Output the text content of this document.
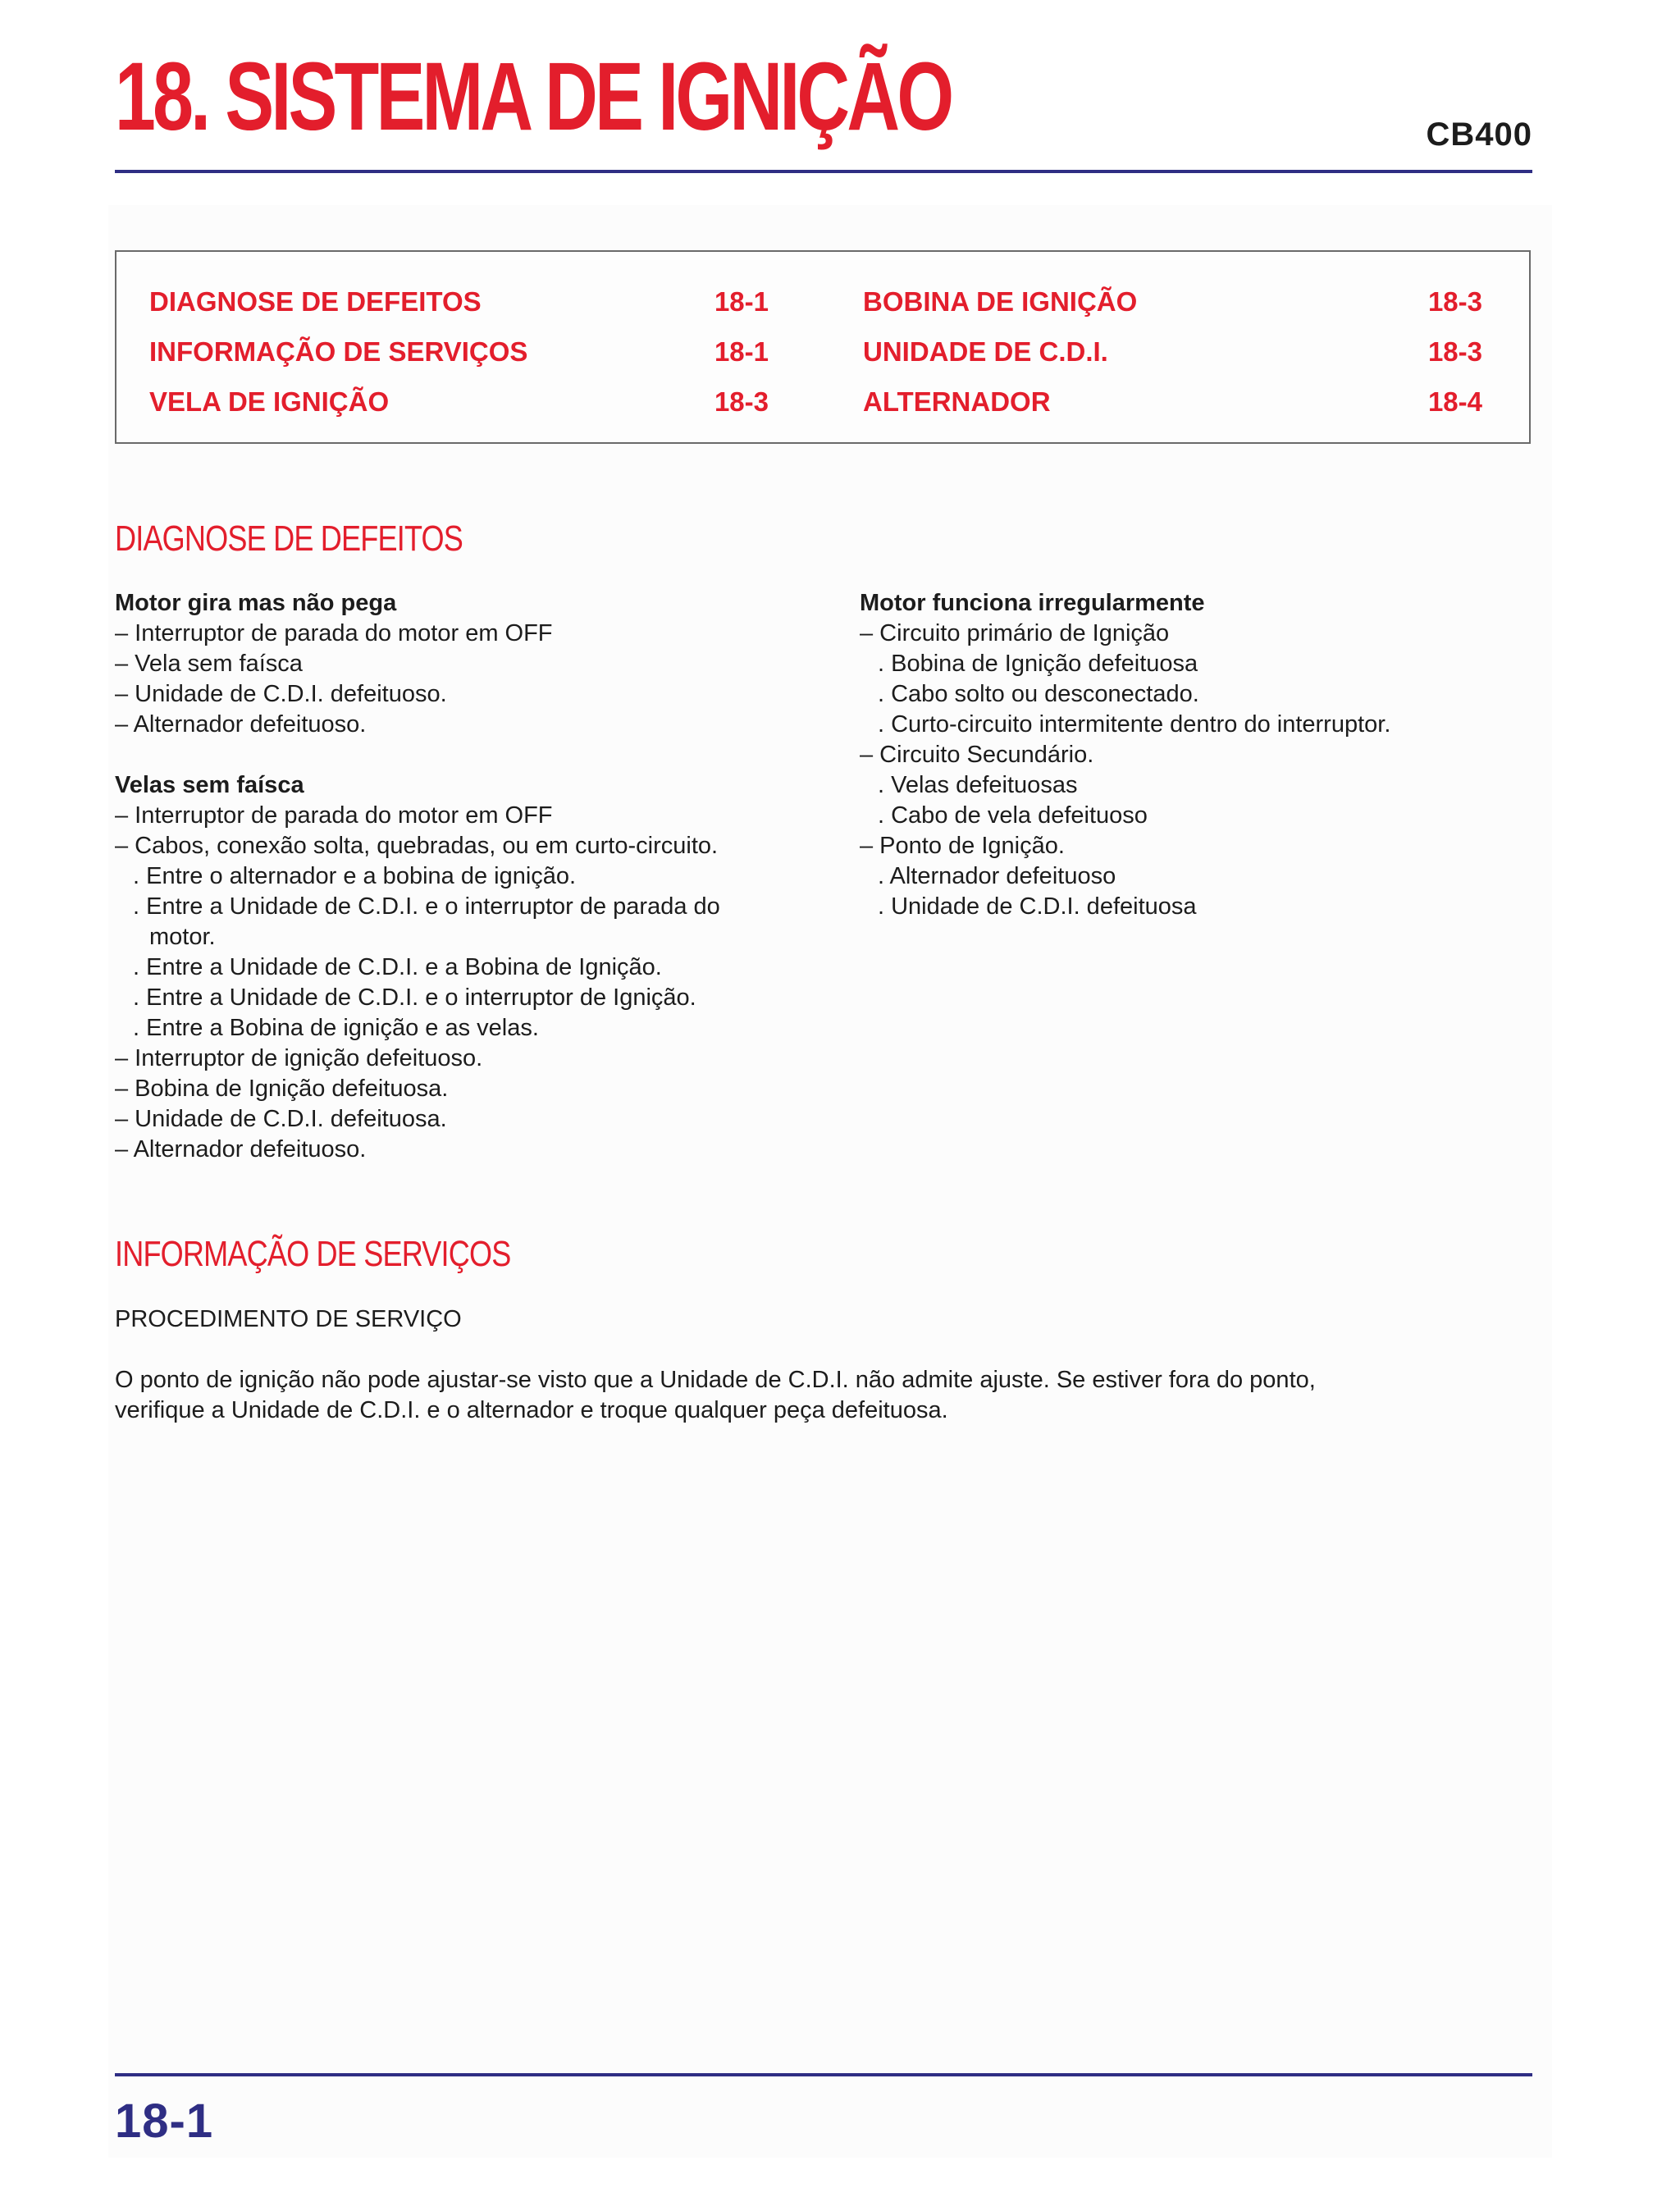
18. SISTEMA DE IGNIÇÃO	CB400
DIAGNOSE DE DEFEITOS	18-1
INFORMAÇÃO DE SERVIÇOS	18-1
VELA DE IGNIÇÃO	18-3
BOBINA DE IGNIÇÃO	18-3
UNIDADE DE C.D.I.	18-3
ALTERNADOR	18-4
DIAGNOSE DE DEFEITOS
Motor gira mas não pega
– Interruptor de parada do motor em OFF
– Vela sem faísca
– Unidade de C.D.I. defeituoso.
– Alternador defeituoso.
Velas sem faísca
– Interruptor de parada do motor em OFF
– Cabos, conexão solta, quebradas, ou em curto-circuito.
. Entre o alternador e a bobina de ignição.
. Entre a Unidade de C.D.I. e o interruptor de parada do
motor.
. Entre a Unidade de C.D.I. e a Bobina de Ignição.
. Entre a Unidade de C.D.I. e o interruptor de Ignição.
. Entre a Bobina de ignição e as velas.
– Interruptor de ignição defeituoso.
– Bobina de Ignição defeituosa.
– Unidade de C.D.I. defeituosa.
– Alternador defeituoso.
Motor funciona irregularmente
– Circuito primário de Ignição
. Bobina de Ignição defeituosa
. Cabo solto ou desconectado.
. Curto-circuito intermitente dentro do interruptor.
– Circuito Secundário.
. Velas defeituosas
. Cabo de vela defeituoso
– Ponto de Ignição.
. Alternador defeituoso
. Unidade de C.D.I. defeituosa
INFORMAÇÃO DE SERVIÇOS
PROCEDIMENTO DE SERVIÇO
O ponto de ignição não pode ajustar-se visto que a Unidade de C.D.I. não admite ajuste. Se estiver fora do ponto,
verifique a Unidade de C.D.I. e o alternador e troque qualquer peça defeituosa.
18-1
